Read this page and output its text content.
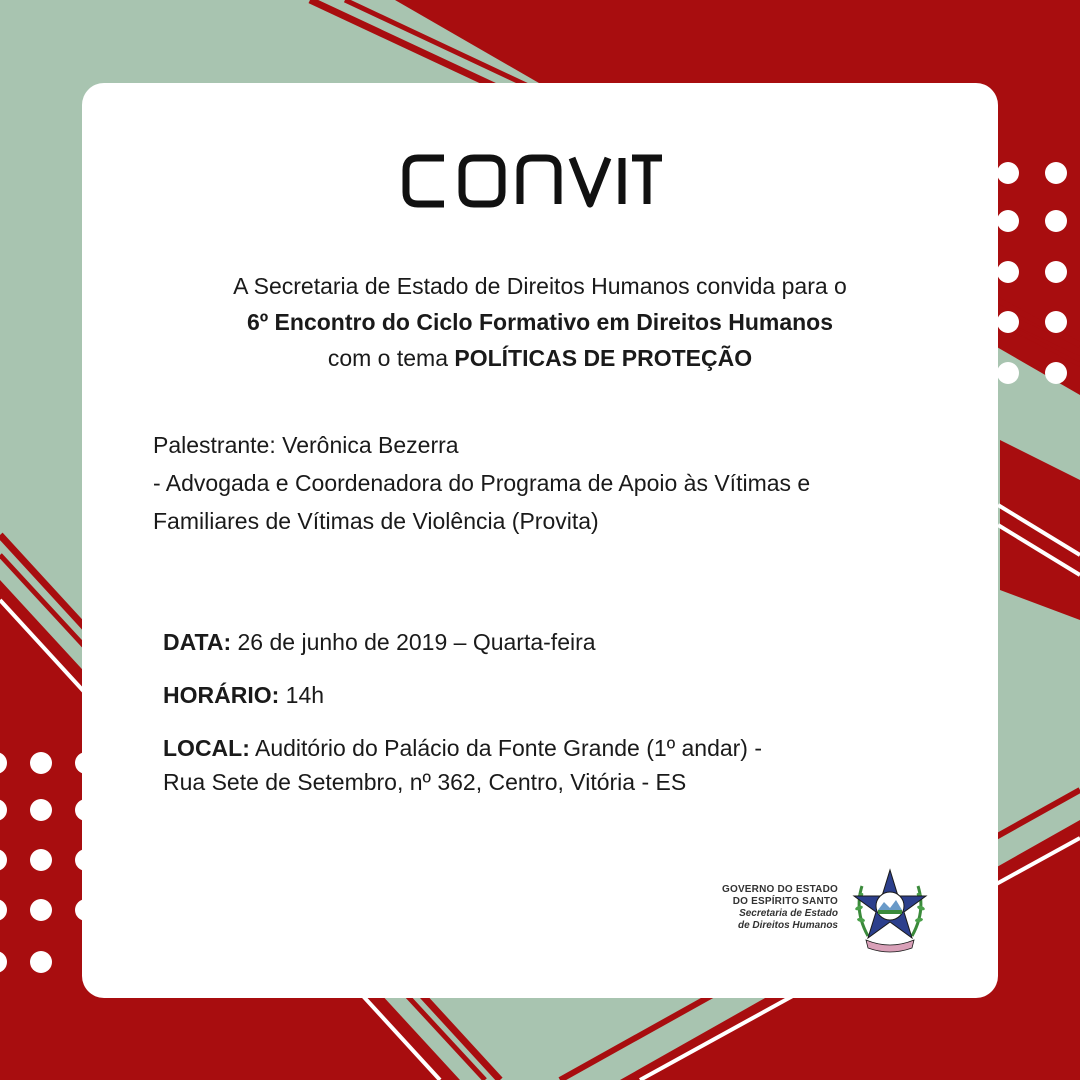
A Secretaria de Estado de Direitos Humanos convida para o
6º Encontro do Ciclo Formativo em Direitos Humanos
com o tema POLÍTICAS DE PROTEÇÃO
Palestrante: Verônica Bezerra
- Advogada e Coordenadora do Programa de Apoio às Vítimas e
Familiares de Vítimas de Violência (Provita)
DATA: 26 de junho de 2019 – Quarta-feira
HORÁRIO: 14h
LOCAL: Auditório do Palácio da Fonte Grande (1º andar) -
Rua Sete de Setembro, nº 362, Centro, Vitória - ES
GOVERNO DO ESTADO
DO ESPÍRITO SANTO
Secretaria de Estado
de Direitos Humanos
